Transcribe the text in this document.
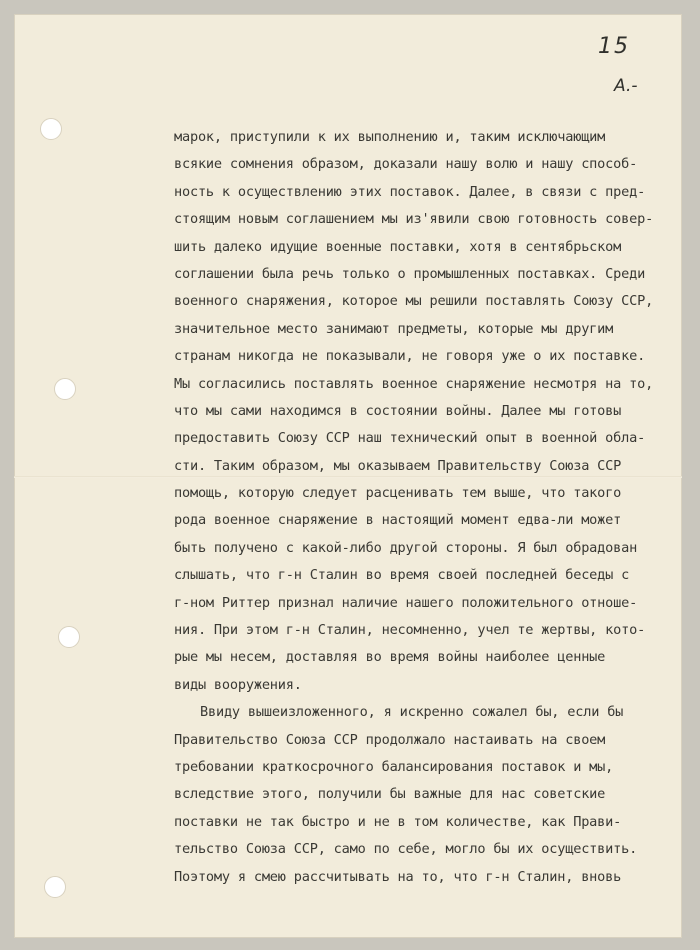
15
A.-
марок, приступили к их выполнению и, таким исключающим
всякие сомнения образом, доказали нашу волю и нашу способ-
ность к осуществлению этих поставок. Далее, в связи с пред-
стоящим новым соглашением мы из'явили свою готовность совер-
шить далеко идущие военные поставки, хотя в сентябрьском
соглашении была речь только о промышленных поставках. Среди
военного снаряжения, которое мы решили поставлять Союзу ССР,
значительное место занимают предметы, которые мы другим
странам никогда не показывали, не говоря уже о их поставке.
Мы согласились поставлять военное снаряжение несмотря на то,
что мы сами находимся в состоянии войны. Далее мы готовы
предоставить Союзу ССР наш технический опыт в военной обла-
сти. Таким образом, мы оказываем Правительству Союза ССР
помощь, которую следует расценивать тем выше, что такого
рода военное снаряжение в настоящий момент едва-ли может
быть получено с какой-либо другой стороны. Я был обрадован
слышать, что г-н Сталин во время своей последней беседы с
г-ном Риттер признал наличие нашего положительного отноше-
ния. При этом г-н Сталин, несомненно, учел те жертвы, кото-
рые мы несем, доставляя во время войны наиболее ценные
виды вооружения.
Ввиду вышеизложенного, я искренно сожалел бы, если бы
Правительство Союза ССР продолжало настаивать на своем
требовании краткосрочного балансирования поставок и мы,
вследствие этого, получили бы важные для нас советские
поставки не так быстро и не в том количестве, как Прави-
тельство Союза ССР, само по себе, могло бы их осуществить.
Поэтому я смею рассчитывать на то, что г-н Сталин, вновь
